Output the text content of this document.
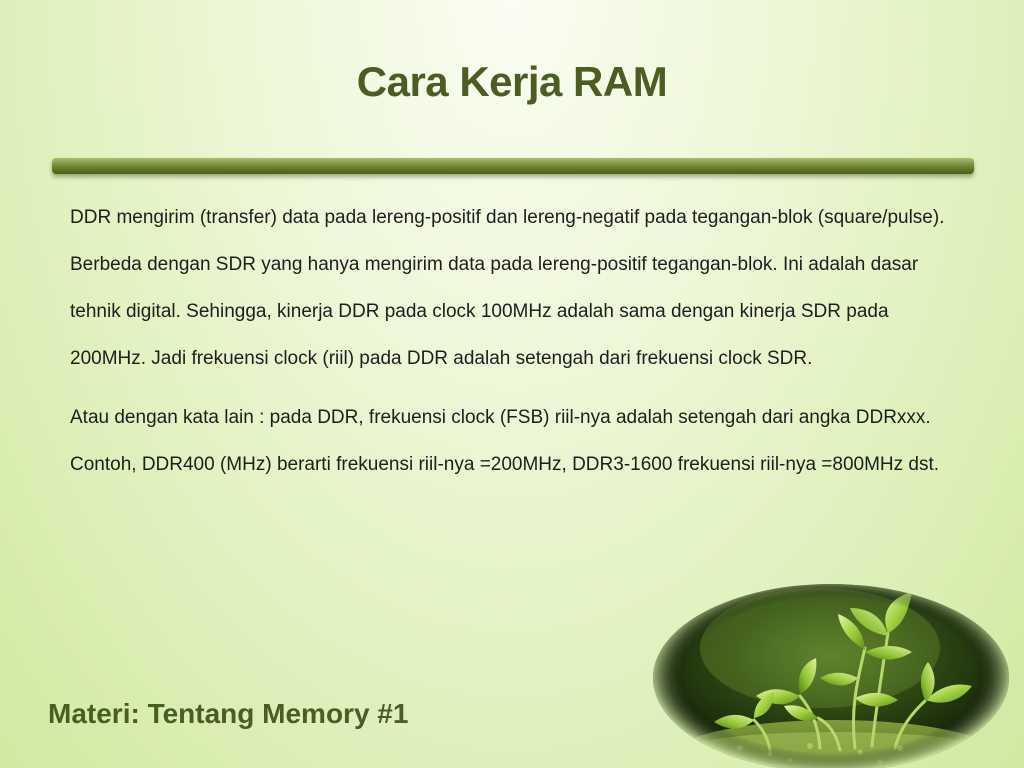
Cara Kerja RAM

DDR mengirim (transfer) data pada lereng-positif dan lereng-negatif pada tegangan-blok (square/pulse). Berbeda dengan SDR yang hanya mengirim data pada lereng-positif tegangan-blok. Ini adalah dasar tehnik digital. Sehingga, kinerja DDR pada clock 100MHz adalah sama dengan kinerja SDR pada 200MHz. Jadi frekuensi clock (riil) pada DDR adalah setengah dari frekuensi clock SDR.

Atau dengan kata lain : pada DDR, frekuensi clock (FSB) riil-nya adalah setengah dari angka DDRxxx. Contoh, DDR400 (MHz) berarti frekuensi riil-nya =200MHz, DDR3-1600 frekuensi riil-nya =800MHz dst.

Materi: Tentang Memory #1
